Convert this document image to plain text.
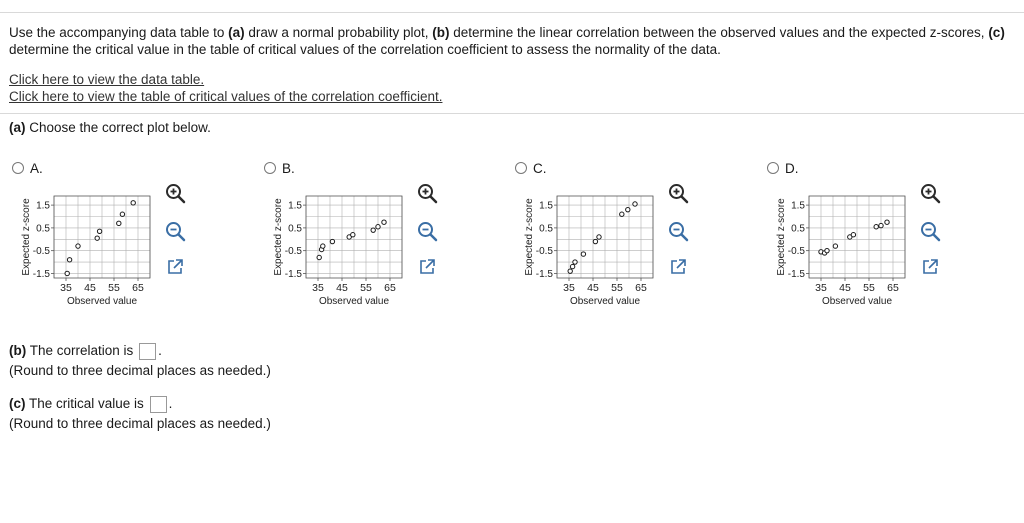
Use the accompanying data table to (a) draw a normal probability plot, (b) determine the linear correlation between the observed values and the expected z-scores, (c) determine the critical value in the table of critical values of the correlation coefficient to assess the normality of the data.
Click here to view the data table.
Click here to view the table of critical values of the correlation coefficient.
(a) Choose the correct plot below.
A.
35 45 55 65
1.5
0.5
-0.5
-1.5
Observed value
Expected z-score
B.
35 45 55 65
1.5
0.5
-0.5
-1.5
Observed value
Expected z-score
C.
35 45 55 65
1.5
0.5
-0.5
-1.5
Observed value
Expected z-score
D.
35 45 55 65
1.5
0.5
-0.5
-1.5
Observed value
Expected z-score
(b) The correlation is .
(Round to three decimal places as needed.)
(c) The critical value is .
(Round to three decimal places as needed.)
